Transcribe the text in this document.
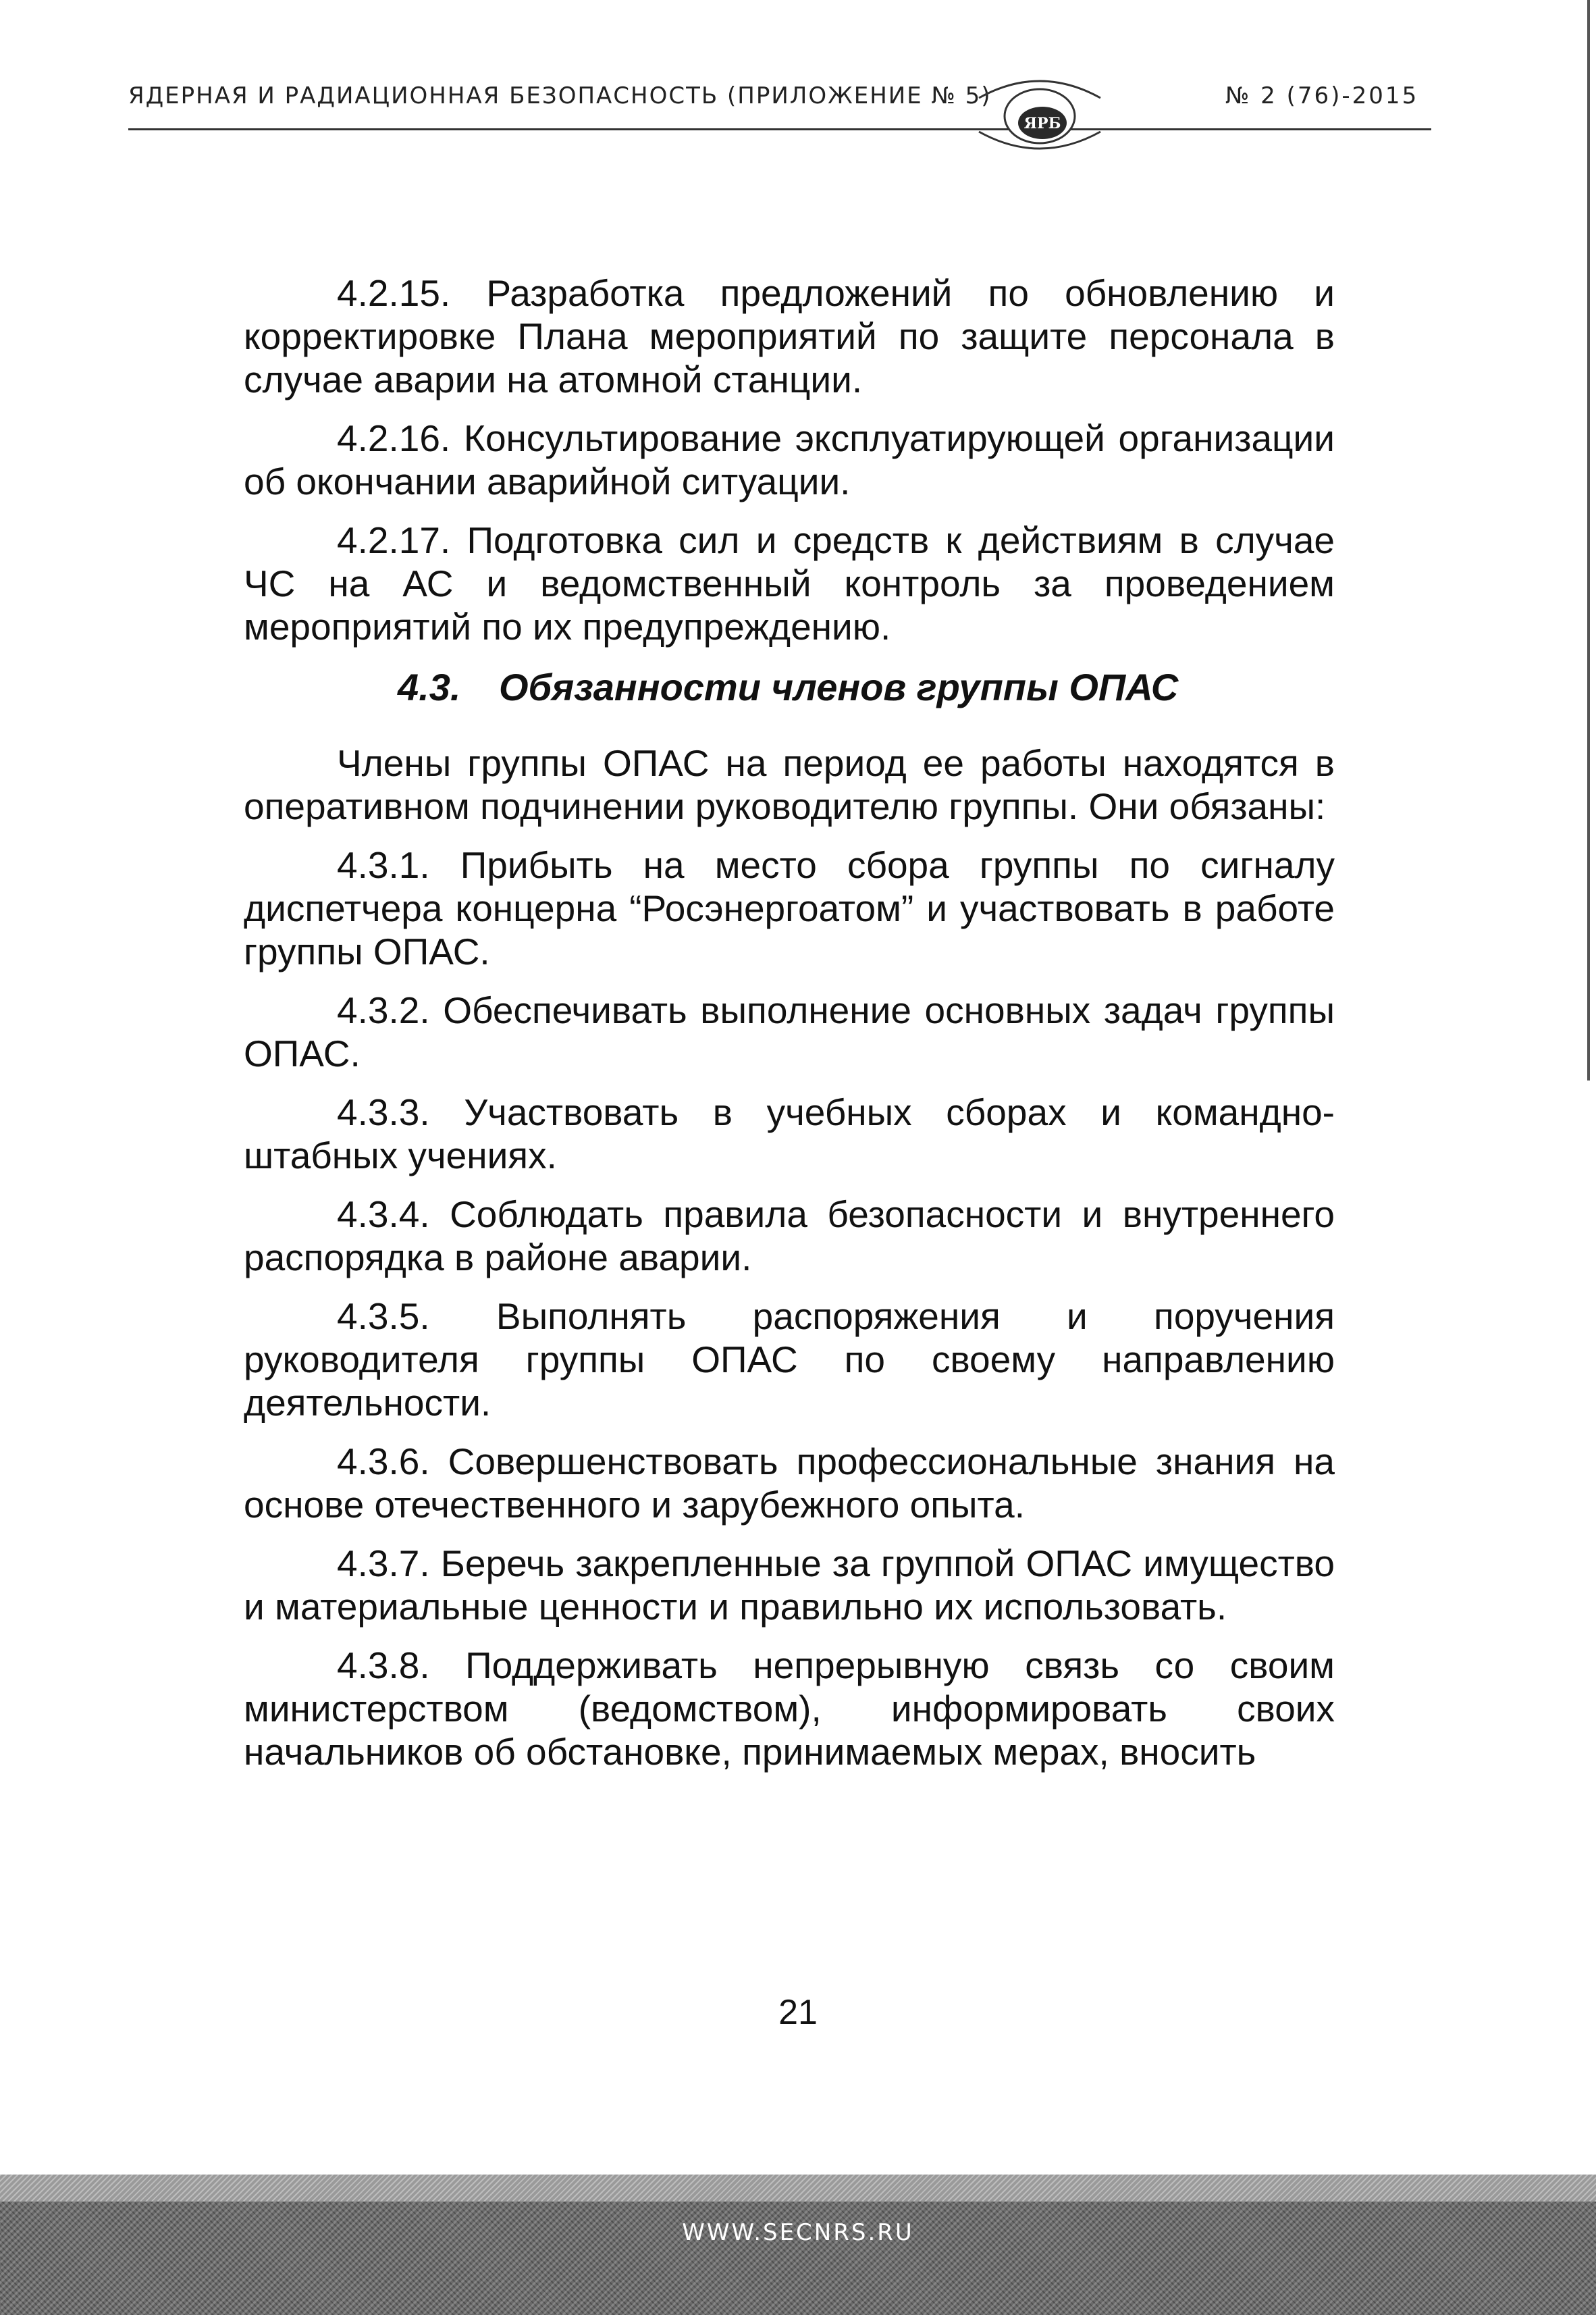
ЯДЕРНАЯ И РАДИАЦИОННАЯ БЕЗОПАСНОСТЬ (ПРИЛОЖЕНИЕ № 5)	№ 2 (76)-2015
ЯРБ

4.2.15. Разработка предложений по обновлению и корректировке Плана мероприятий по защите персонала в случае аварии на атомной станции.

4.2.16. Консультирование эксплуатирующей организации об окончании аварийной ситуации.

4.2.17. Подготовка сил и средств к действиям в случае ЧС на АС и ведомственный контроль за проведением мероприятий по их предупреждению.

4.3. Обязанности членов группы ОПАС

Члены группы ОПАС на период ее работы находятся в оперативном подчинении руководителю группы. Они обязаны:

4.3.1. Прибыть на место сбора группы по сигналу диспетчера концерна “Росэнергоатом” и участвовать в работе группы ОПАС.

4.3.2. Обеспечивать выполнение основных задач группы ОПАС.

4.3.3. Участвовать в учебных сборах и командно-штабных учениях.

4.3.4. Соблюдать правила безопасности и внутреннего распорядка в районе аварии.

4.3.5. Выполнять распоряжения и поручения руководителя группы ОПАС по своему направлению деятельности.

4.3.6. Совершенствовать профессиональные знания на основе отечественного и зарубежного опыта.

4.3.7. Беречь закрепленные за группой ОПАС имущество и материальные ценности и правильно их использовать.

4.3.8. Поддерживать непрерывную связь со своим министерством (ведомством), информировать своих начальников об обстановке, принимаемых мерах, вносить

21
WWW.SECNRS.RU
